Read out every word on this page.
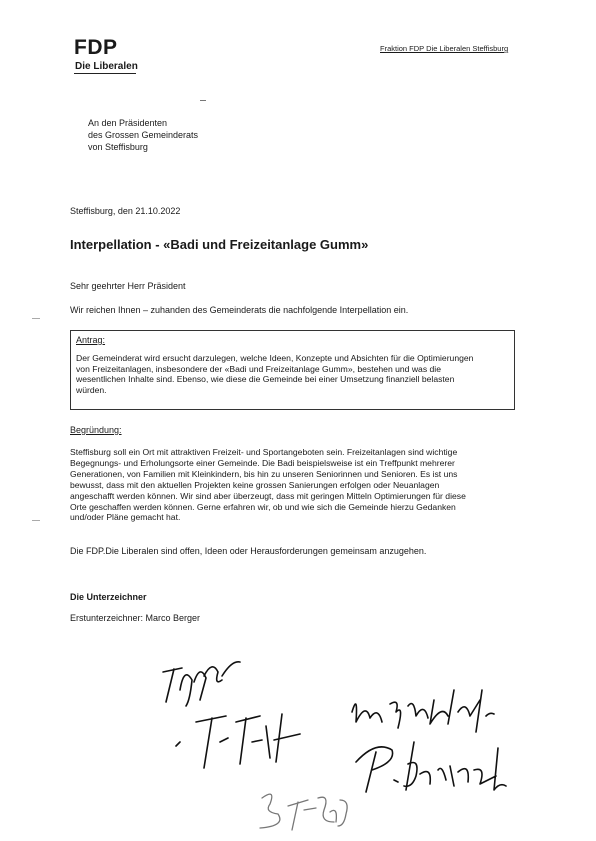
FDP
Die Liberalen
Fraktion FDP Die Liberalen Steffisburg
An den Präsidenten
des Grossen Gemeinderats
von Steffisburg
Steffisburg, den 21.10.2022
Interpellation - «Badi und Freizeitanlage Gumm»
Sehr geehrter Herr Präsident
Wir reichen Ihnen – zuhanden des Gemeinderats die nachfolgende Interpellation ein.
Antrag:
Der Gemeinderat wird ersucht darzulegen, welche Ideen, Konzepte und Absichten für die Optimierungen
von Freizeitanlagen, insbesondere der «Badi und Freizeitanlage Gumm», bestehen und was die
wesentlichen Inhalte sind. Ebenso, wie diese die Gemeinde bei einer Umsetzung finanziell belasten
würden.
Begründung:
Steffisburg soll ein Ort mit attraktiven Freizeit- und Sportangeboten sein. Freizeitanlagen sind wichtige
Begegnungs- und Erholungsorte einer Gemeinde. Die Badi beispielsweise ist ein Treffpunkt mehrerer
Generationen, von Familien mit Kleinkindern, bis hin zu unseren Seniorinnen und Senioren. Es ist uns
bewusst, dass mit den aktuellen Projekten keine grossen Sanierungen erfolgen oder Neuanlagen
angeschafft werden können. Wir sind aber überzeugt, dass mit geringen Mitteln Optimierungen für diese
Orte geschaffen werden können. Gerne erfahren wir, ob und wie sich die Gemeinde hierzu Gedanken
und/oder Pläne gemacht hat.
Die FDP.Die Liberalen sind offen, Ideen oder Herausforderungen gemeinsam anzugehen.
Die Unterzeichner
Erstunterzeichner: Marco Berger
